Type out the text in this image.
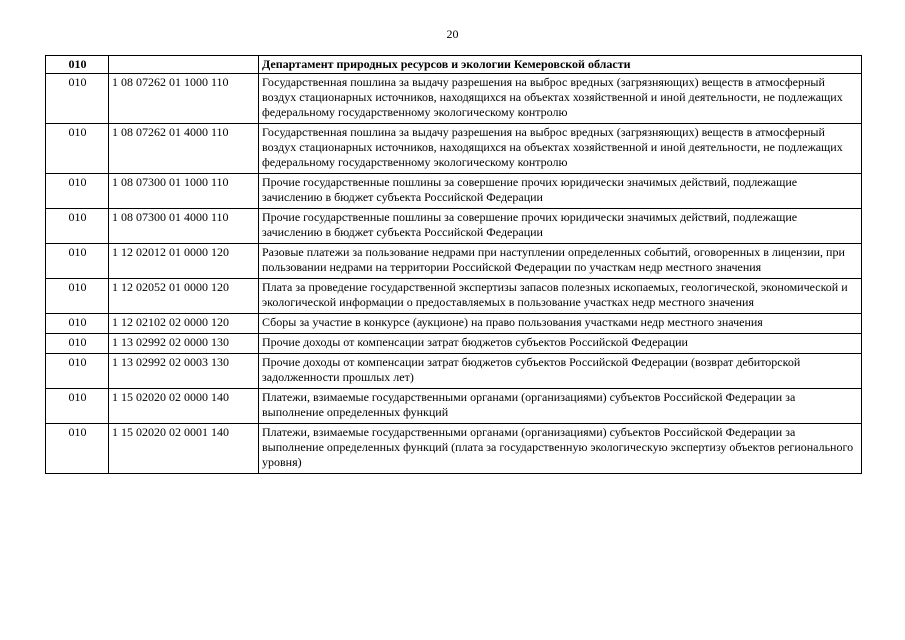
20
010		Департамент природных ресурсов и экологии Кемеровской области
010	1 08 07262 01 1000 110	Государственная пошлина за выдачу разрешения на выброс вредных (загрязняющих) веществ в атмосферный воздух стационарных источников, находящихся на объектах хозяйственной и иной деятельности, не подлежащих федеральному государственному экологическому контролю
010	1 08 07262 01 4000 110	Государственная пошлина за выдачу разрешения на выброс вредных (загрязняющих) веществ в атмосферный воздух стационарных источников, находящихся на объектах хозяйственной и иной деятельности, не подлежащих федеральному государственному экологическому контролю
010	1 08 07300 01 1000 110	Прочие государственные пошлины за совершение прочих юридически значимых действий, подлежащие зачислению в бюджет субъекта Российской Федерации
010	1 08 07300 01 4000 110	Прочие государственные пошлины за совершение прочих юридически значимых действий, подлежащие зачислению в бюджет субъекта Российской Федерации
010	1 12 02012 01 0000 120	Разовые платежи за пользование недрами при наступлении определенных событий, оговоренных в лицензии, при пользовании недрами на территории Российской Федерации по участкам недр местного значения
010	1 12 02052 01 0000 120	Плата за проведение государственной экспертизы запасов полезных ископаемых, геологической, экономической и экологической информации о предоставляемых в пользование участках недр местного значения
010	1 12 02102 02 0000 120	Сборы за участие в конкурсе (аукционе) на право пользования участками недр местного значения
010	1 13 02992 02 0000 130	Прочие доходы от компенсации затрат бюджетов субъектов Российской Федерации
010	1 13 02992 02 0003 130	Прочие доходы от компенсации затрат бюджетов субъектов Российской Федерации (возврат дебиторской задолженности прошлых лет)
010	1 15 02020 02 0000 140	Платежи, взимаемые государственными органами (организациями) субъектов Российской Федерации за выполнение определенных функций
010	1 15 02020 02 0001 140	Платежи, взимаемые государственными органами (организациями) субъектов Российской Федерации за выполнение определенных функций (плата за государственную экологическую экспертизу объектов регионального уровня)
